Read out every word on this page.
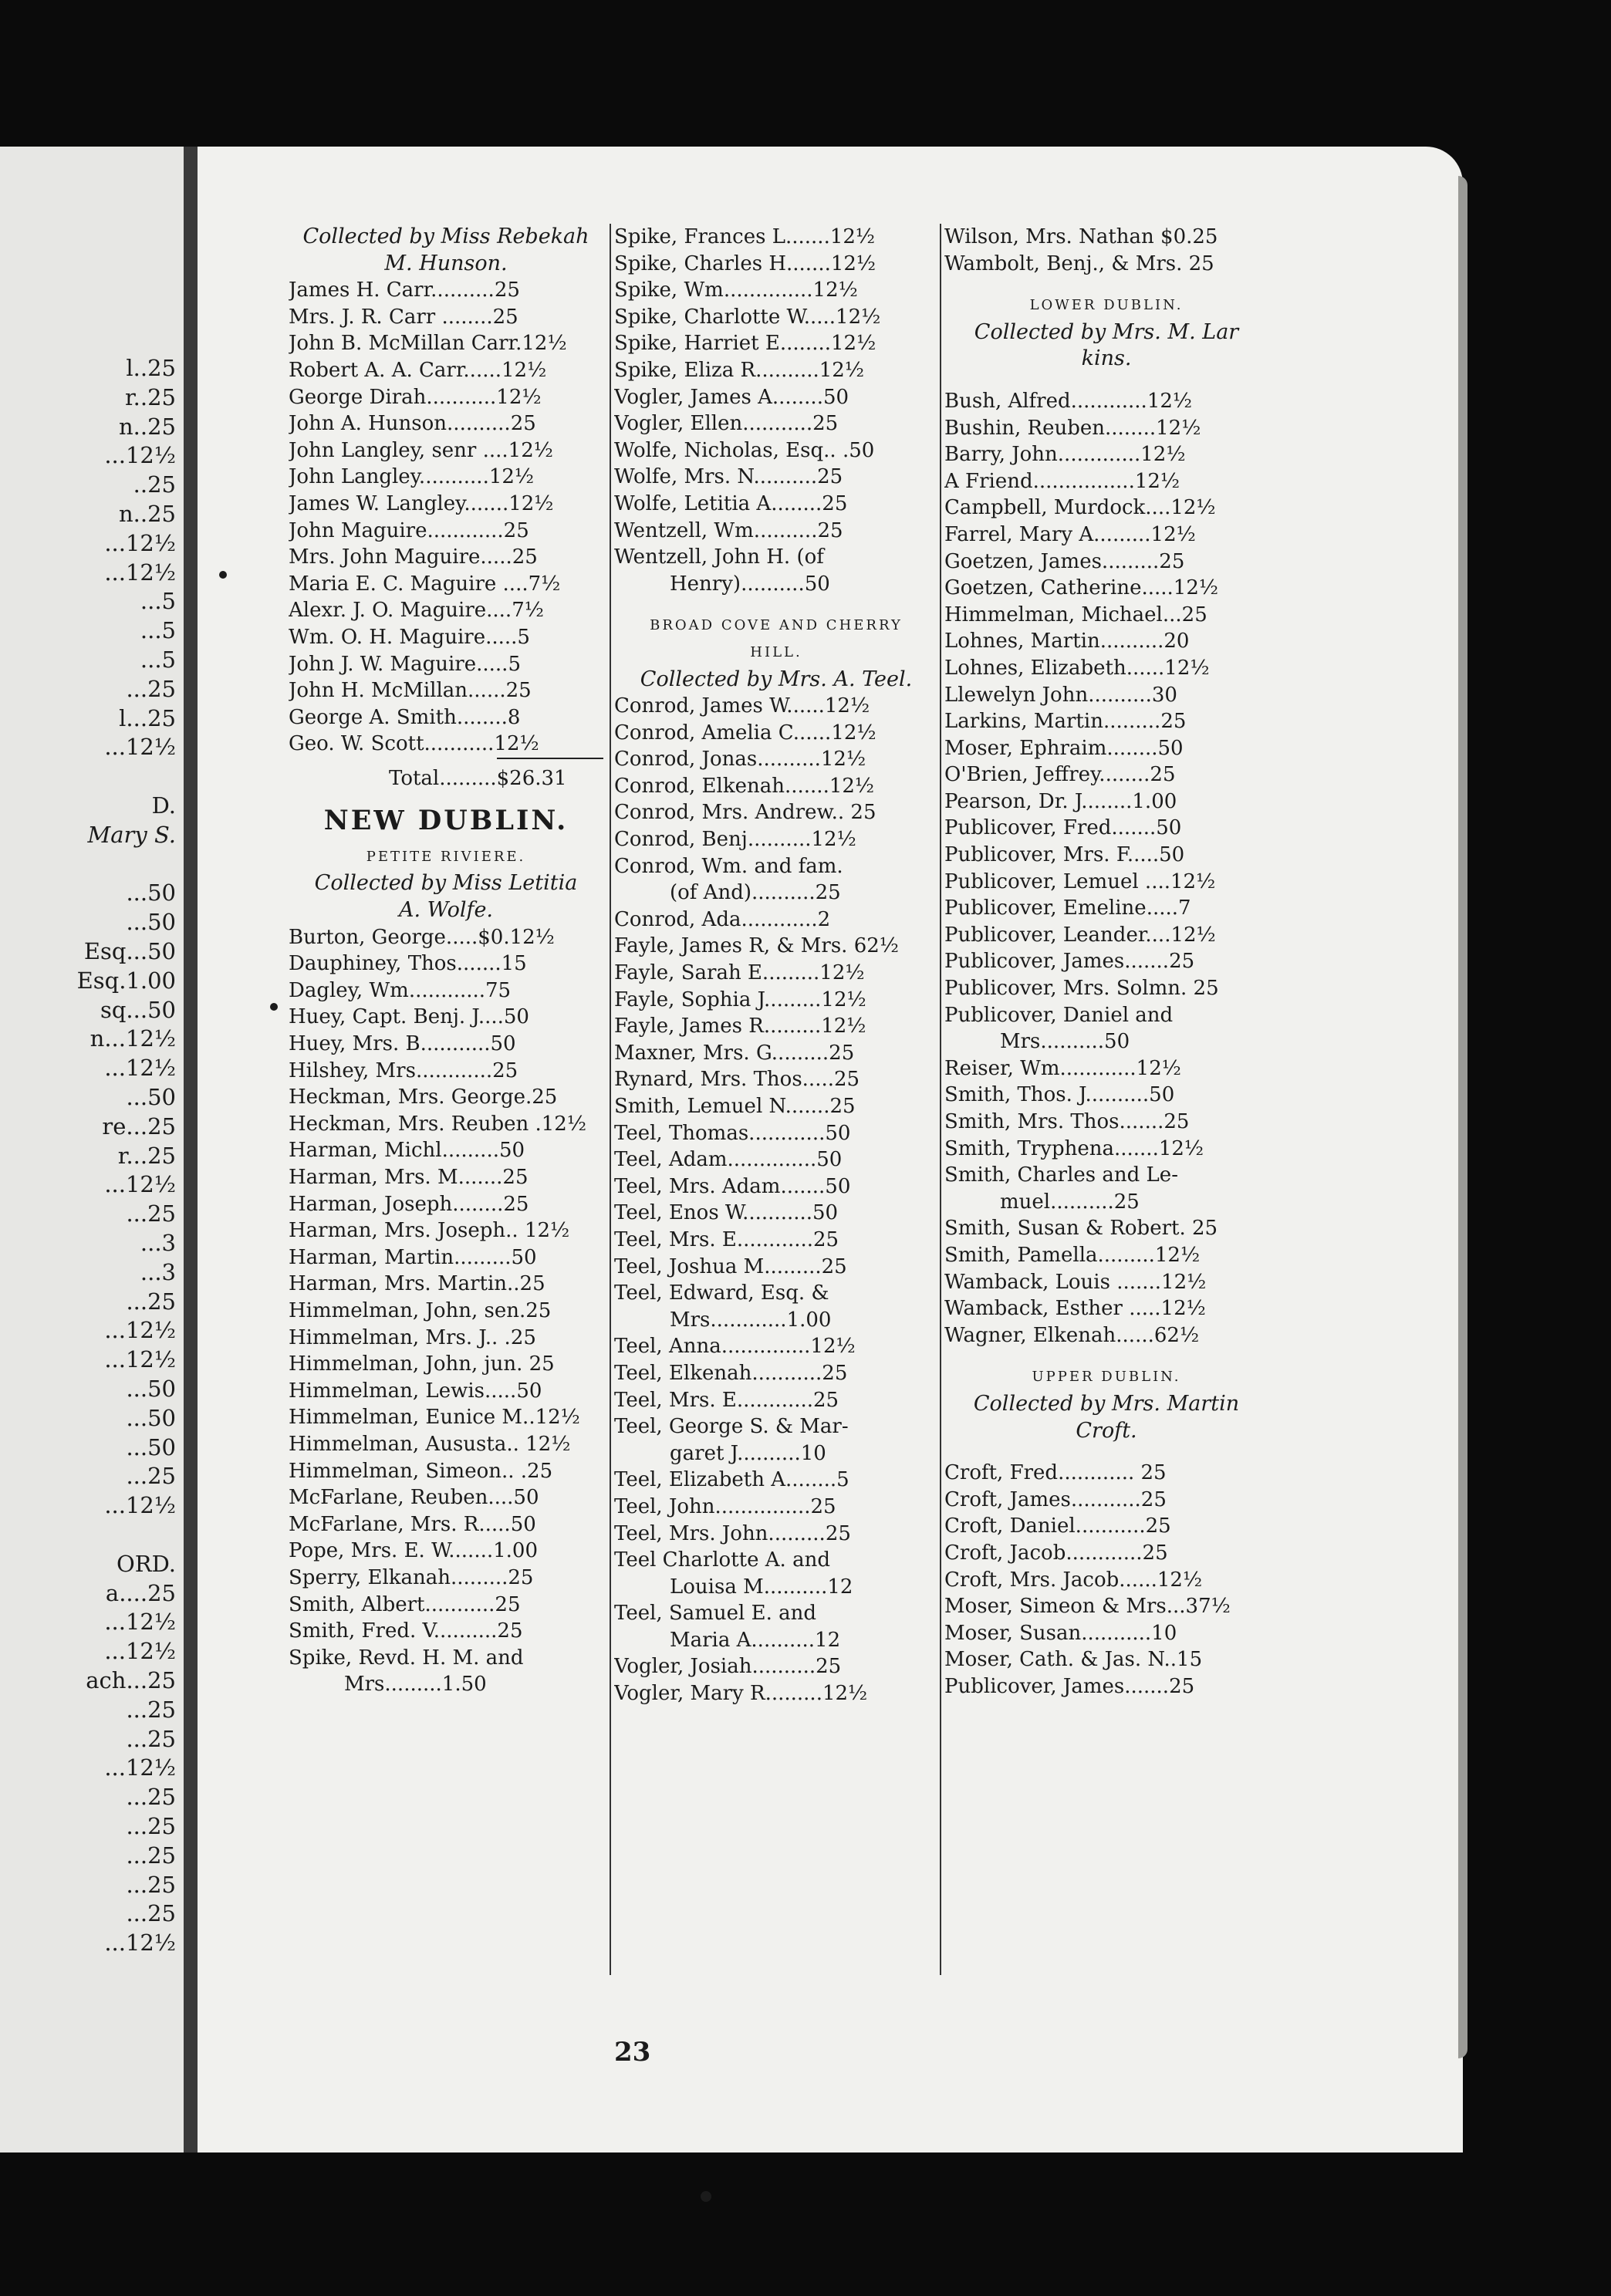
l..25
r..25
n..25
...12½
..25
n..25
...12½
...12½
...5
...5
...5
...25
l...25
...12½
D.
Mary S.
...50
...50
Esq...50
Esq.1.00
sq...50
n...12½
...12½
...50
re...25
r...25
...12½
...25
...3
...3
...25
...12½
...12½
...50
...50
...50
...25
...12½
ORD.
a....25
...12½
...12½
ach...25
...25
...25
...12½
...25
...25
...25
...25
...25
...12½
Collected by Miss Rebekah
M. Hunson.
James H. Carr..........25
Mrs. J. R. Carr ........25
John B. McMillan Carr.12½
Robert A. A. Carr......12½
George Dirah...........12½
John A. Hunson..........25
John Langley, senr ....12½
John Langley...........12½
James W. Langley.......12½
John Maguire............25
Mrs. John Maguire.....25
Maria E. C. Maguire ....7½
Alexr. J. O. Maguire....7½
Wm. O. H. Maguire.....5
John J. W. Maguire.....5
John H. McMillan......25
George A. Smith........8
Geo. W. Scott...........12½
Total.........$26.31
NEW DUBLIN.
PETITE RIVIERE.
Collected by Miss Letitia
A. Wolfe.
Burton, George.....$0.12½
Dauphiney, Thos.......15
Dagley, Wm............75
Huey, Capt. Benj. J....50
Huey, Mrs. B...........50
Hilshey, Mrs............25
Heckman, Mrs. George.25
Heckman, Mrs. Reuben .12½
Harman, Michl.........50
Harman, Mrs. M.......25
Harman, Joseph........25
Harman, Mrs. Joseph.. 12½
Harman, Martin.........50
Harman, Mrs. Martin..25
Himmelman, John, sen.25
Himmelman, Mrs. J.. .25
Himmelman, John, jun. 25
Himmelman, Lewis.....50
Himmelman, Eunice M..12½
Himmelman, Aususta.. 12½
Himmelman, Simeon.. .25
McFarlane, Reuben....50
McFarlane, Mrs. R.....50
Pope, Mrs. E. W.......1.00
Sperry, Elkanah.........25
Smith, Albert...........25
Smith, Fred. V..........25
Spike, Revd. H. M. and
Mrs.........1.50
Spike, Frances L.......12½
Spike, Charles H.......12½
Spike, Wm..............12½
Spike, Charlotte W.....12½
Spike, Harriet E........12½
Spike, Eliza R..........12½
Vogler, James A........50
Vogler, Ellen...........25
Wolfe, Nicholas, Esq.. .50
Wolfe, Mrs. N..........25
Wolfe, Letitia A........25
Wentzell, Wm..........25
Wentzell, John H. (of
Henry)..........50
BROAD COVE AND CHERRY
HILL.
Collected by Mrs. A. Teel.
Conrod, James W......12½
Conrod, Amelia C......12½
Conrod, Jonas..........12½
Conrod, Elkenah.......12½
Conrod, Mrs. Andrew.. 25
Conrod, Benj..........12½
Conrod, Wm. and fam.
(of And)..........25
Conrod, Ada............2
Fayle, James R, & Mrs. 62½
Fayle, Sarah E.........12½
Fayle, Sophia J.........12½
Fayle, James R.........12½
Maxner, Mrs. G.........25
Rynard, Mrs. Thos.....25
Smith, Lemuel N.......25
Teel, Thomas............50
Teel, Adam..............50
Teel, Mrs. Adam.......50
Teel, Enos W...........50
Teel, Mrs. E............25
Teel, Joshua M.........25
Teel, Edward, Esq. &
Mrs............1.00
Teel, Anna..............12½
Teel, Elkenah...........25
Teel, Mrs. E............25
Teel, George S. & Mar-
garet J..........10
Teel, Elizabeth A........5
Teel, John...............25
Teel, Mrs. John.........25
Teel Charlotte A. and
Louisa M..........12
Teel, Samuel E. and
Maria A..........12
Vogler, Josiah..........25
Vogler, Mary R.........12½
Wilson, Mrs. Nathan $0.25
Wambolt, Benj., & Mrs. 25
LOWER DUBLIN.
Collected by Mrs. M. Lar
kins.
Bush, Alfred............12½
Bushin, Reuben........12½
Barry, John.............12½
A Friend................12½
Campbell, Murdock....12½
Farrel, Mary A.........12½
Goetzen, James.........25
Goetzen, Catherine.....12½
Himmelman, Michael...25
Lohnes, Martin..........20
Lohnes, Elizabeth......12½
Llewelyn John..........30
Larkins, Martin.........25
Moser, Ephraim........50
O'Brien, Jeffrey........25
Pearson, Dr. J........1.00
Publicover, Fred.......50
Publicover, Mrs. F.....50
Publicover, Lemuel ....12½
Publicover, Emeline.....7
Publicover, Leander....12½
Publicover, James.......25
Publicover, Mrs. Solmn. 25
Publicover, Daniel and
Mrs..........50
Reiser, Wm............12½
Smith, Thos. J..........50
Smith, Mrs. Thos.......25
Smith, Tryphena.......12½
Smith, Charles and Le-
muel..........25
Smith, Susan & Robert. 25
Smith, Pamella.........12½
Wamback, Louis .......12½
Wamback, Esther .....12½
Wagner, Elkenah......62½
UPPER DUBLIN.
Collected by Mrs. Martin
Croft.
Croft, Fred............ 25
Croft, James...........25
Croft, Daniel...........25
Croft, Jacob............25
Croft, Mrs. Jacob......12½
Moser, Simeon & Mrs...37½
Moser, Susan...........10
Moser, Cath. & Jas. N..15
Publicover, James.......25
23
